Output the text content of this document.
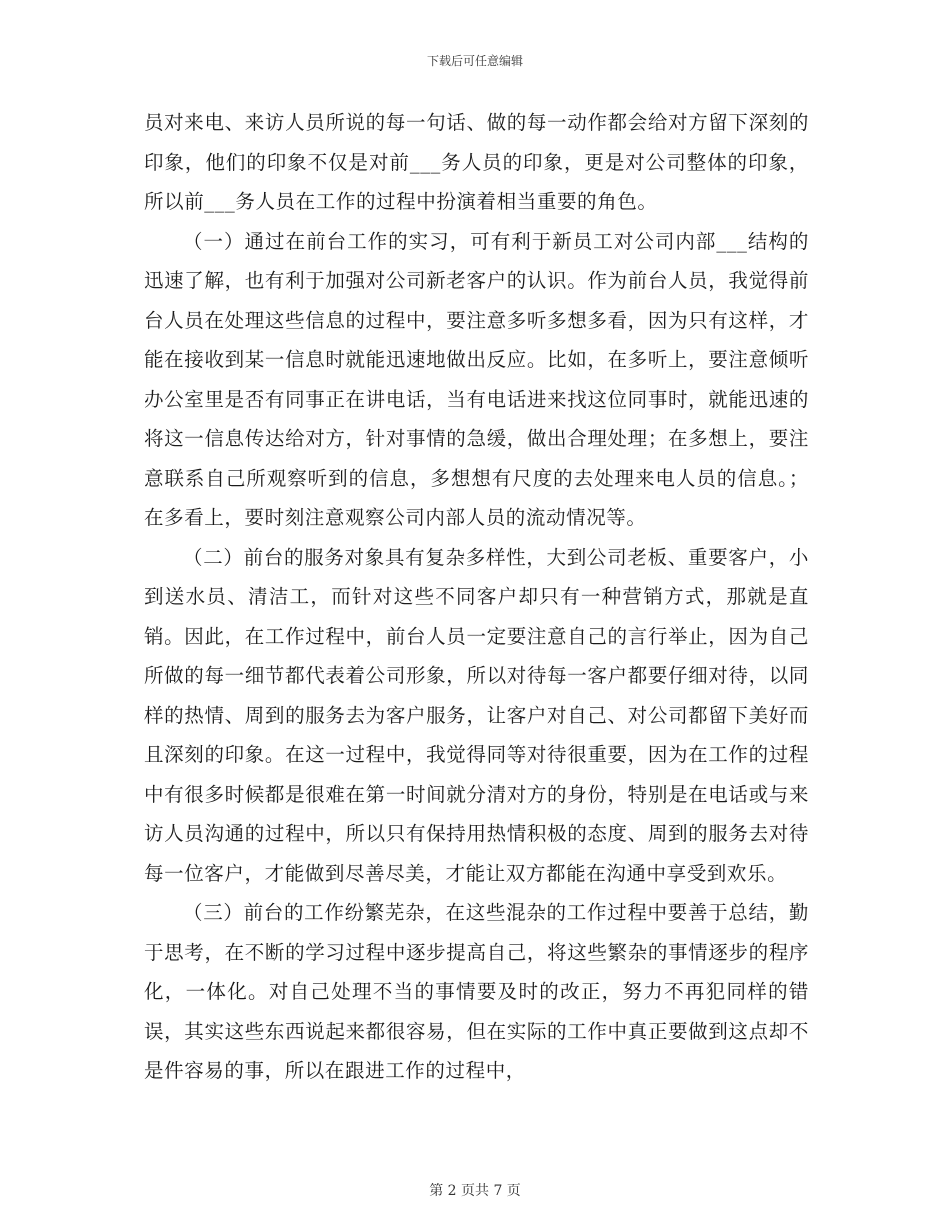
下载后可任意编辑

员对来电、来访人员所说的每一句话、做的每一动作都会给对方留下深刻的印象，他们的印象不仅是对前___务人员的印象，更是对公司整体的印象，所以前___务人员在工作的过程中扮演着相当重要的角色。

（一）通过在前台工作的实习，可有利于新员工对公司内部___结构的迅速了解，也有利于加强对公司新老客户的认识。作为前台人员，我觉得前台人员在处理这些信息的过程中，要注意多听多想多看，因为只有这样，才能在接收到某一信息时就能迅速地做出反应。比如，在多听上，要注意倾听办公室里是否有同事正在讲电话，当有电话进来找这位同事时，就能迅速的将这一信息传达给对方，针对事情的急缓，做出合理处理；在多想上，要注意联系自己所观察听到的信息，多想想有尺度的去处理来电人员的信息。；在多看上，要时刻注意观察公司内部人员的流动情况等。

（二）前台的服务对象具有复杂多样性，大到公司老板、重要客户，小到送水员、清洁工，而针对这些不同客户却只有一种营销方式，那就是直销。因此，在工作过程中，前台人员一定要注意自己的言行举止，因为自己所做的每一细节都代表着公司形象，所以对待每一客户都要仔细对待，以同样的热情、周到的服务去为客户服务，让客户对自己、对公司都留下美好而且深刻的印象。在这一过程中，我觉得同等对待很重要，因为在工作的过程中有很多时候都是很难在第一时间就分清对方的身份，特别是在电话或与来访人员沟通的过程中，所以只有保持用热情积极的态度、周到的服务去对待每一位客户，才能做到尽善尽美，才能让双方都能在沟通中享受到欢乐。

（三）前台的工作纷繁芜杂，在这些混杂的工作过程中要善于总结，勤于思考，在不断的学习过程中逐步提高自己，将这些繁杂的事情逐步的程序化，一体化。对自己处理不当的事情要及时的改正，努力不再犯同样的错误，其实这些东西说起来都很容易，但在实际的工作中真正要做到这点却不是件容易的事，所以在跟进工作的过程中，

第 2 页共 7 页
